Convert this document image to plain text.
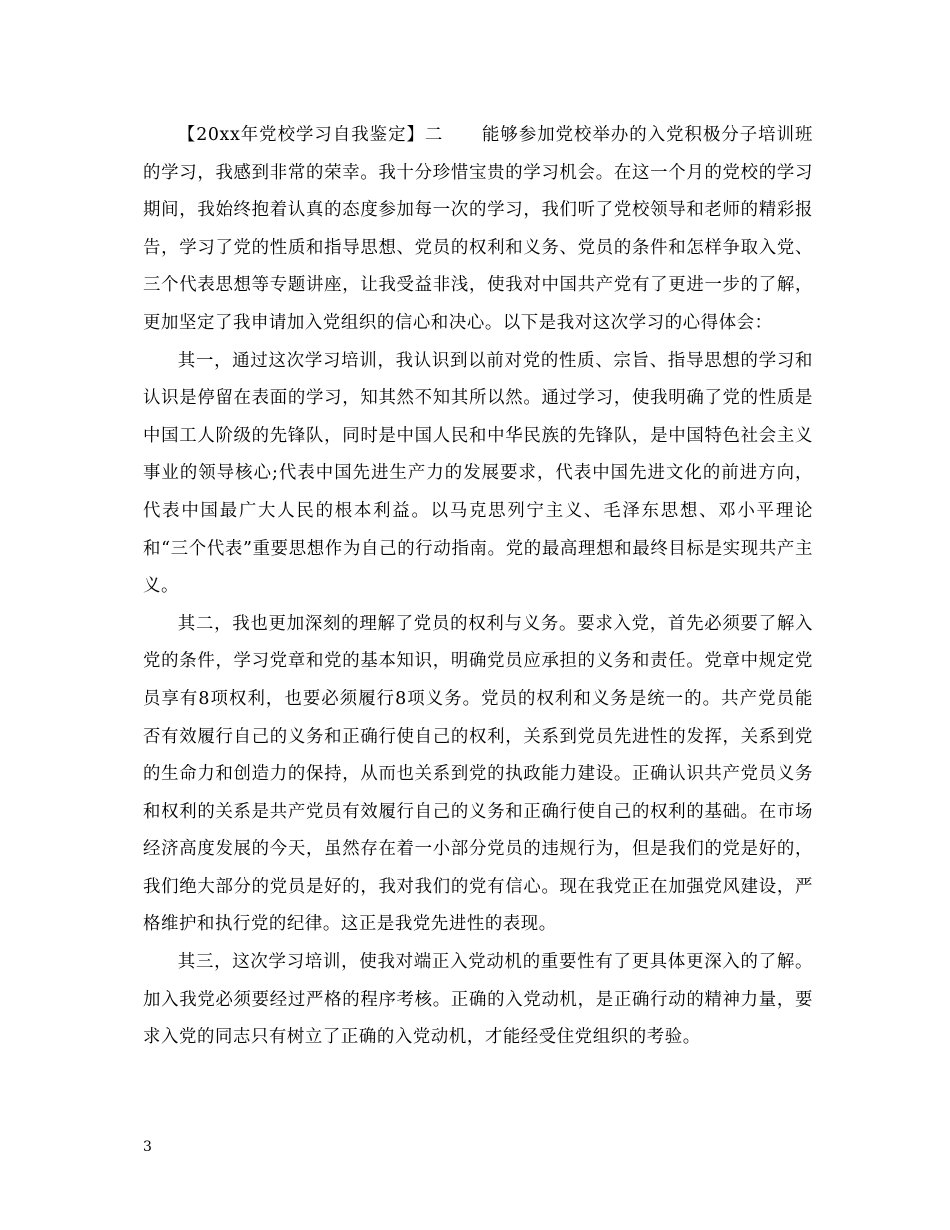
【20xx年党校学习自我鉴定】二 能够参加党校举办的入党积极分子培训班的学习，我感到非常的荣幸。我十分珍惜宝贵的学习机会。在这一个月的党校的学习期间，我始终抱着认真的态度参加每一次的学习，我们听了党校领导和老师的精彩报告，学习了党的性质和指导思想、党员的权利和义务、党员的条件和怎样争取入党、三个代表思想等专题讲座，让我受益非浅，使我对中国共产党有了更进一步的了解，更加坚定了我申请加入党组织的信心和决心。以下是我对这次学习的心得体会：

其一，通过这次学习培训，我认识到以前对党的性质、宗旨、指导思想的学习和认识是停留在表面的学习，知其然不知其所以然。通过学习，使我明确了党的性质是中国工人阶级的先锋队，同时是中国人民和中华民族的先锋队，是中国特色社会主义事业的领导核心;代表中国先进生产力的发展要求，代表中国先进文化的前进方向，代表中国最广大人民的根本利益。以马克思列宁主义、毛泽东思想、邓小平理论和“三个代表”重要思想作为自己的行动指南。党的最高理想和最终目标是实现共产主义。

其二，我也更加深刻的理解了党员的权利与义务。要求入党，首先必须要了解入党的条件，学习党章和党的基本知识，明确党员应承担的义务和责任。党章中规定党员享有8项权利，也要必须履行8项义务。党员的权利和义务是统一的。共产党员能否有效履行自己的义务和正确行使自己的权利，关系到党员先进性的发挥，关系到党的生命力和创造力的保持，从而也关系到党的执政能力建设。正确认识共产党员义务和权利的关系是共产党员有效履行自己的义务和正确行使自己的权利的基础。在市场经济高度发展的今天，虽然存在着一小部分党员的违规行为，但是我们的党是好的，我们绝大部分的党员是好的，我对我们的党有信心。现在我党正在加强党风建设，严格维护和执行党的纪律。这正是我党先进性的表现。

其三，这次学习培训，使我对端正入党动机的重要性有了更具体更深入的了解。加入我党必须要经过严格的程序考核。正确的入党动机，是正确行动的精神力量，要求入党的同志只有树立了正确的入党动机，才能经受住党组织的考验。

3
